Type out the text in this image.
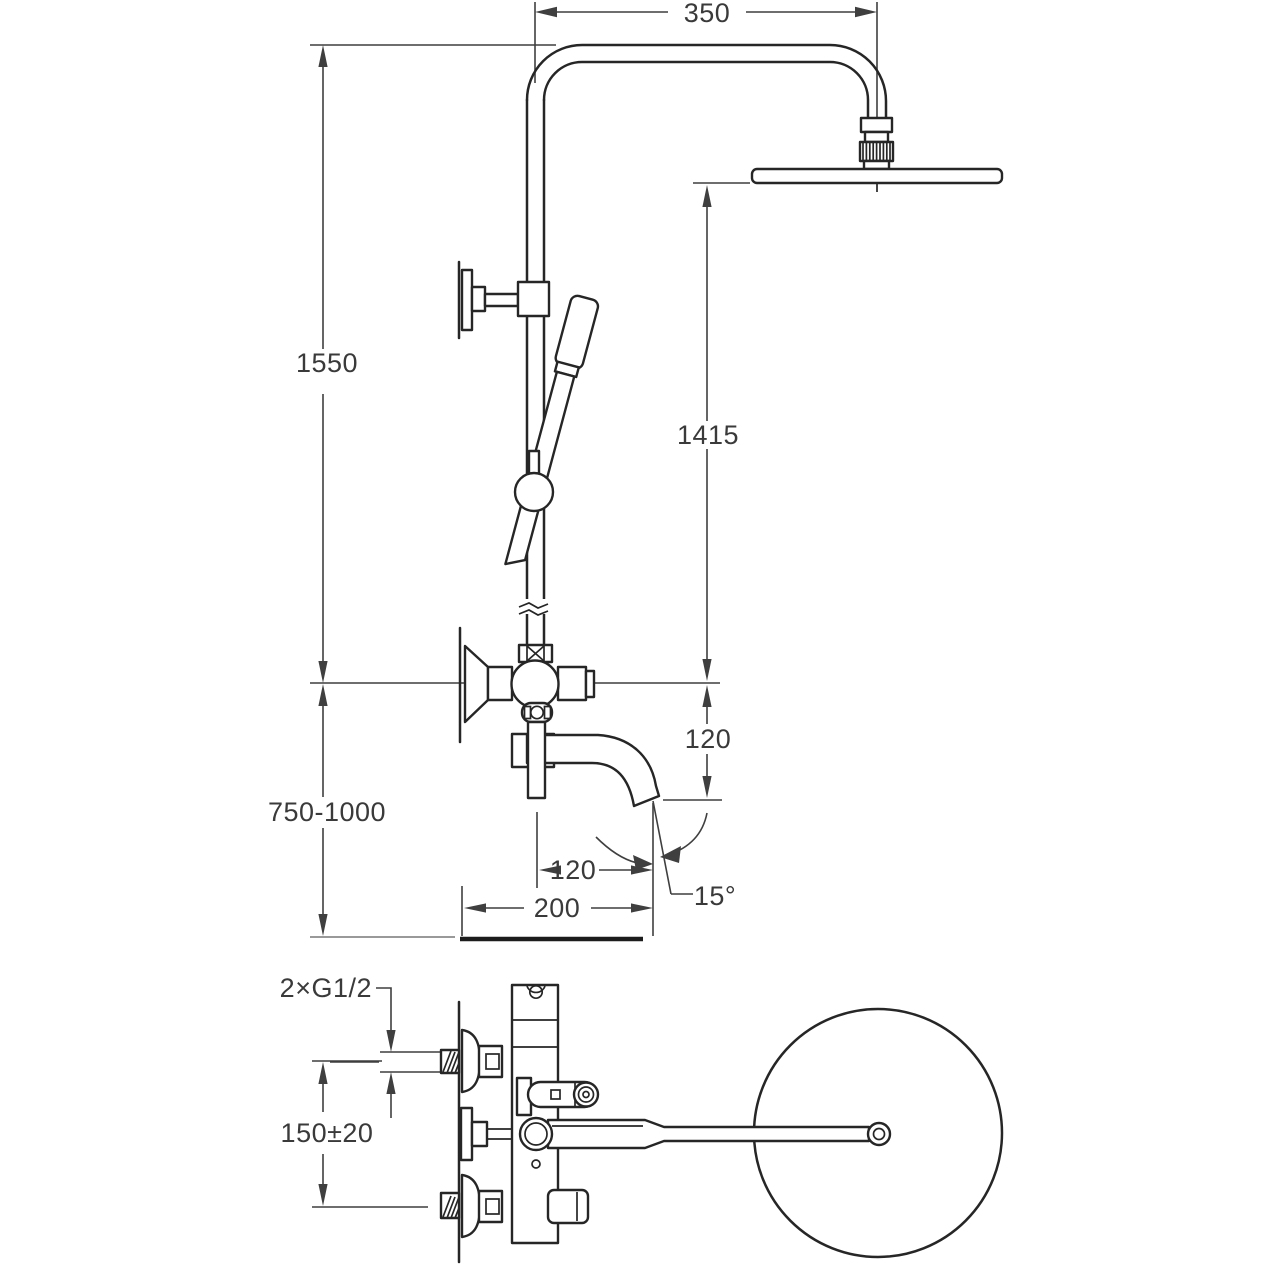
350
1550
750-1000
1415
120
120
200	15°
2×G1/2
150±20
